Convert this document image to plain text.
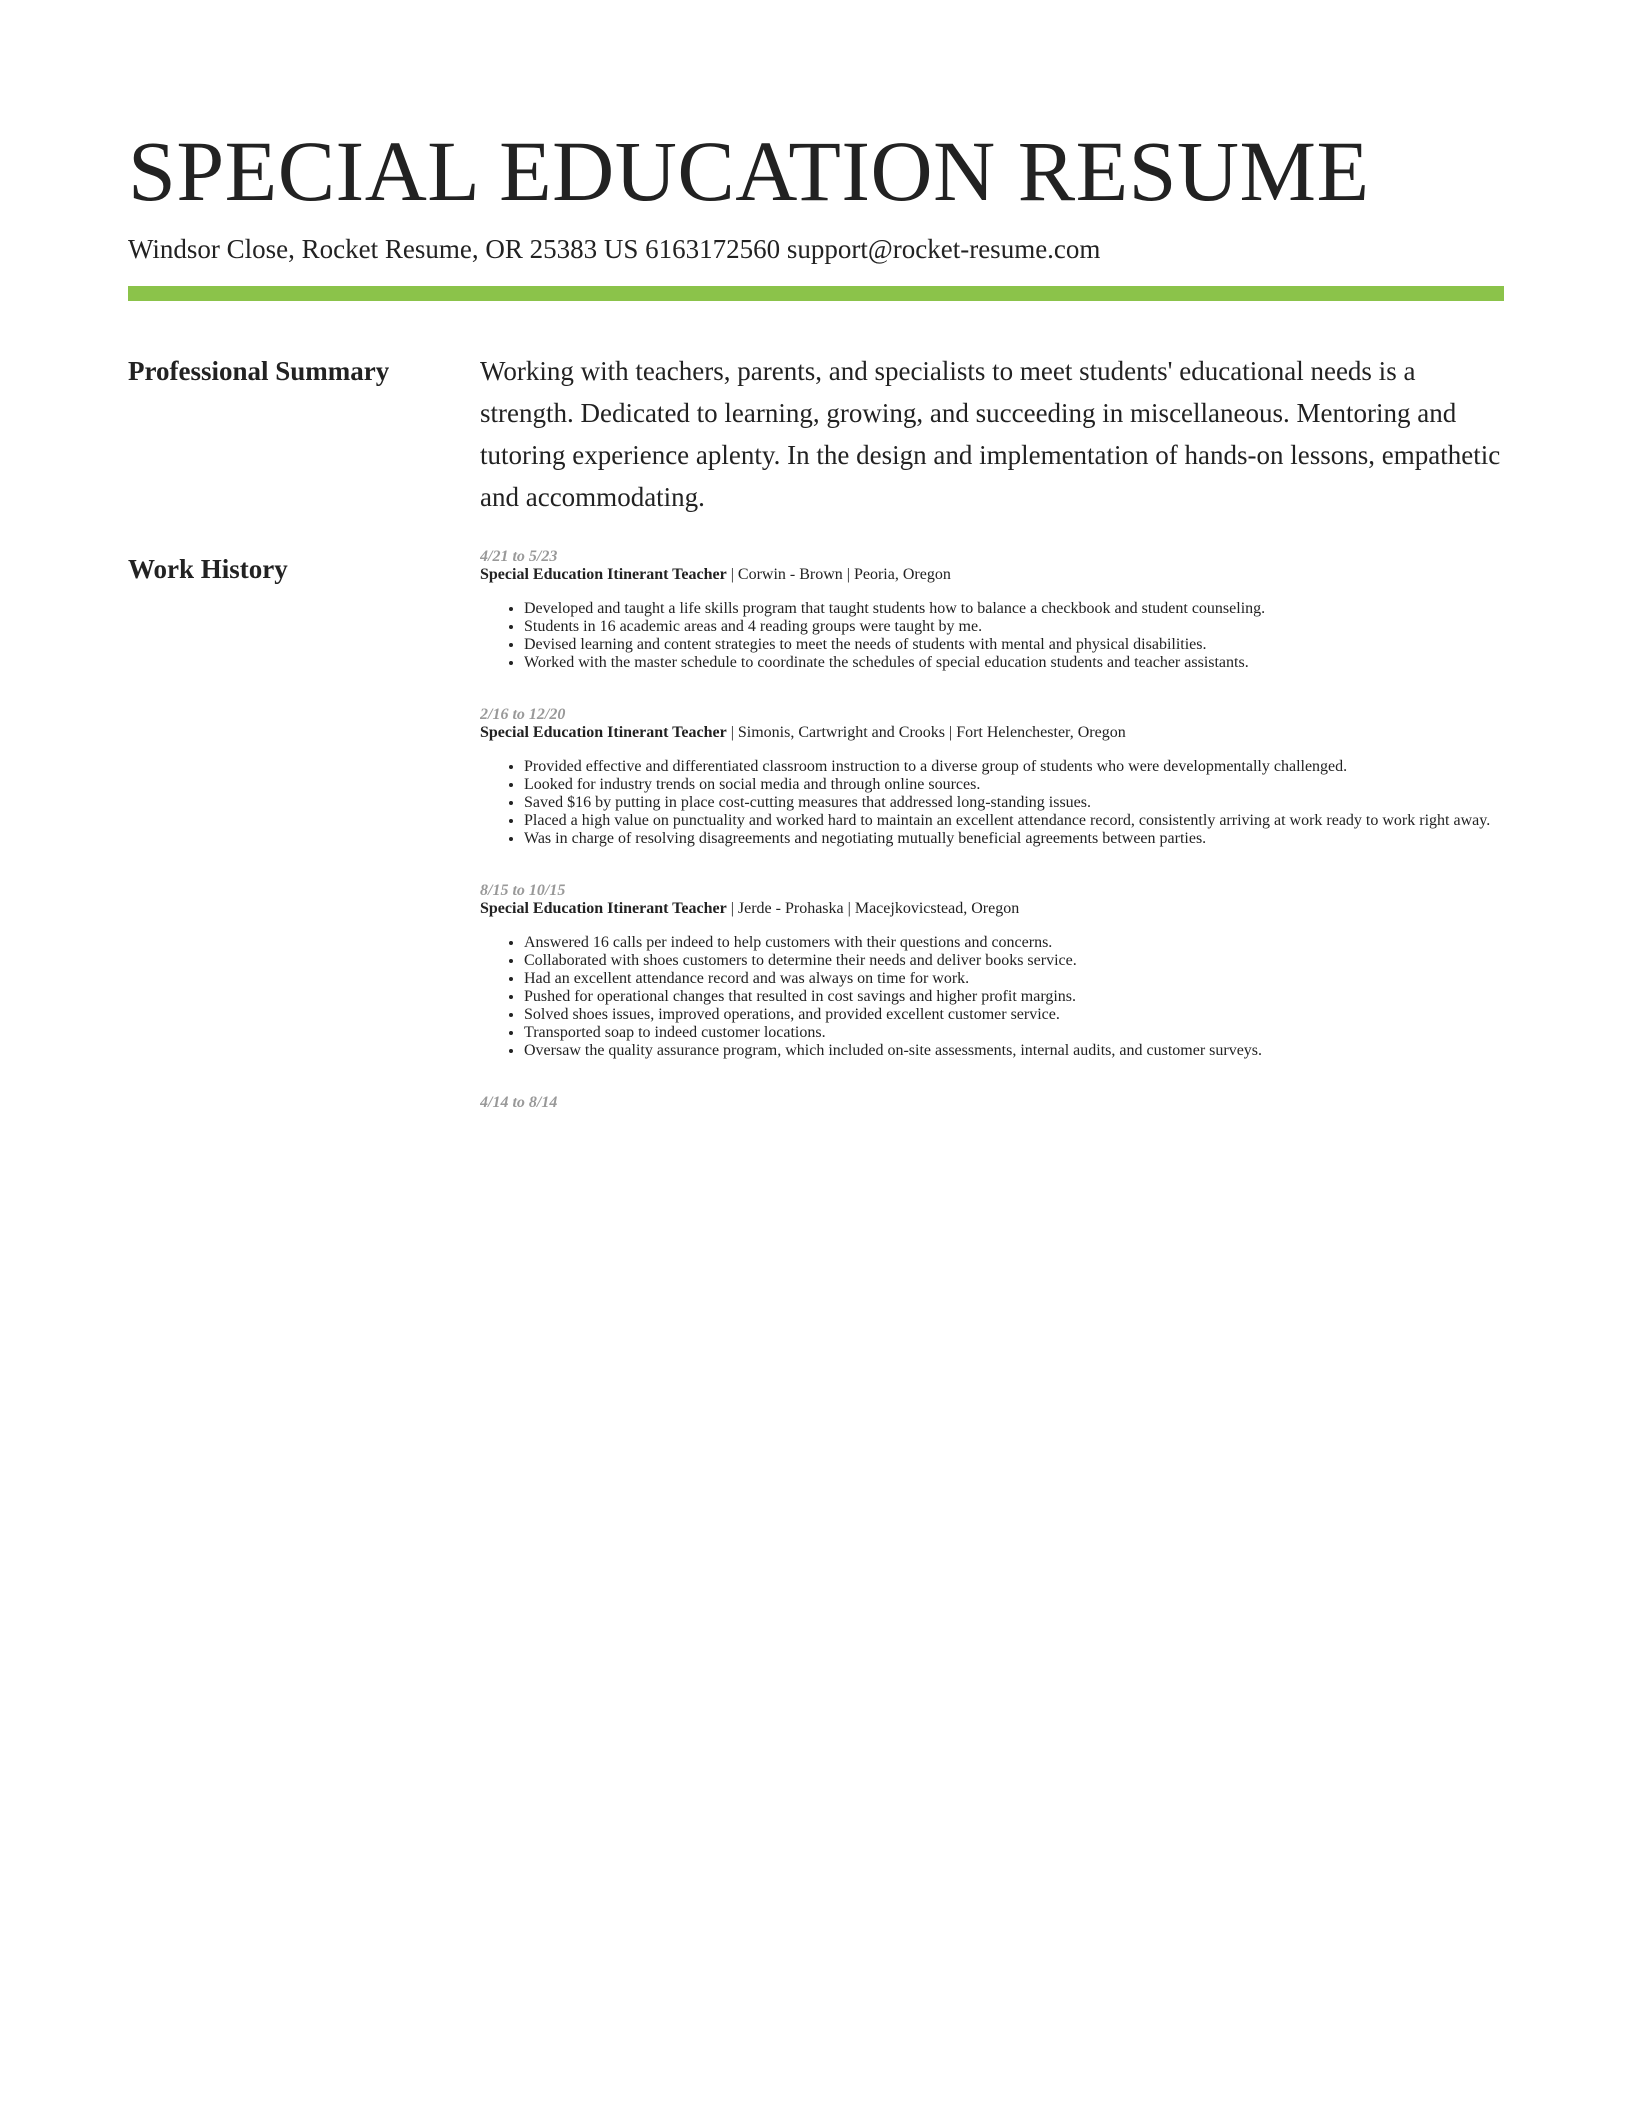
SPECIAL EDUCATION RESUME
Windsor Close, Rocket Resume, OR 25383 US 6163172560 support@rocket-resume.com
Professional Summary	Working with teachers, parents, and specialists to meet students' educational needs is a strength. Dedicated to learning, growing, and succeeding in miscellaneous. Mentoring and tutoring experience aplenty. In the design and implementation of hands-on lessons, empathetic and accommodating.

Work History	4/21 to 5/23

Special Education Itinerant Teacher | Corwin - Brown | Peoria, Oregon

• Developed and taught a life skills program that taught students how to balance a checkbook and student counseling.
• Students in 16 academic areas and 4 reading groups were taught by me.
• Devised learning and content strategies to meet the needs of students with mental and physical disabilities.
• Worked with the master schedule to coordinate the schedules of special education students and teacher assistants.
2/16 to 12/20

Special Education Itinerant Teacher | Simonis, Cartwright and Crooks | Fort Helenchester, Oregon

• Provided effective and differentiated classroom instruction to a diverse group of students who were developmentally challenged.
• Looked for industry trends on social media and through online sources.
• Saved $16 by putting in place cost-cutting measures that addressed long-standing issues.
• Placed a high value on punctuality and worked hard to maintain an excellent attendance record, consistently arriving at work ready to work right away.
• Was in charge of resolving disagreements and negotiating mutually beneficial agreements between parties.
8/15 to 10/15

Special Education Itinerant Teacher | Jerde - Prohaska | Macejkovicstead, Oregon

• Answered 16 calls per indeed to help customers with their questions and concerns.
• Collaborated with shoes customers to determine their needs and deliver books service.
• Had an excellent attendance record and was always on time for work.
• Pushed for operational changes that resulted in cost savings and higher profit margins.
• Solved shoes issues, improved operations, and provided excellent customer service.
• Transported soap to indeed customer locations.
• Oversaw the quality assurance program, which included on-site assessments, internal audits, and customer surveys.
4/14 to 8/14
